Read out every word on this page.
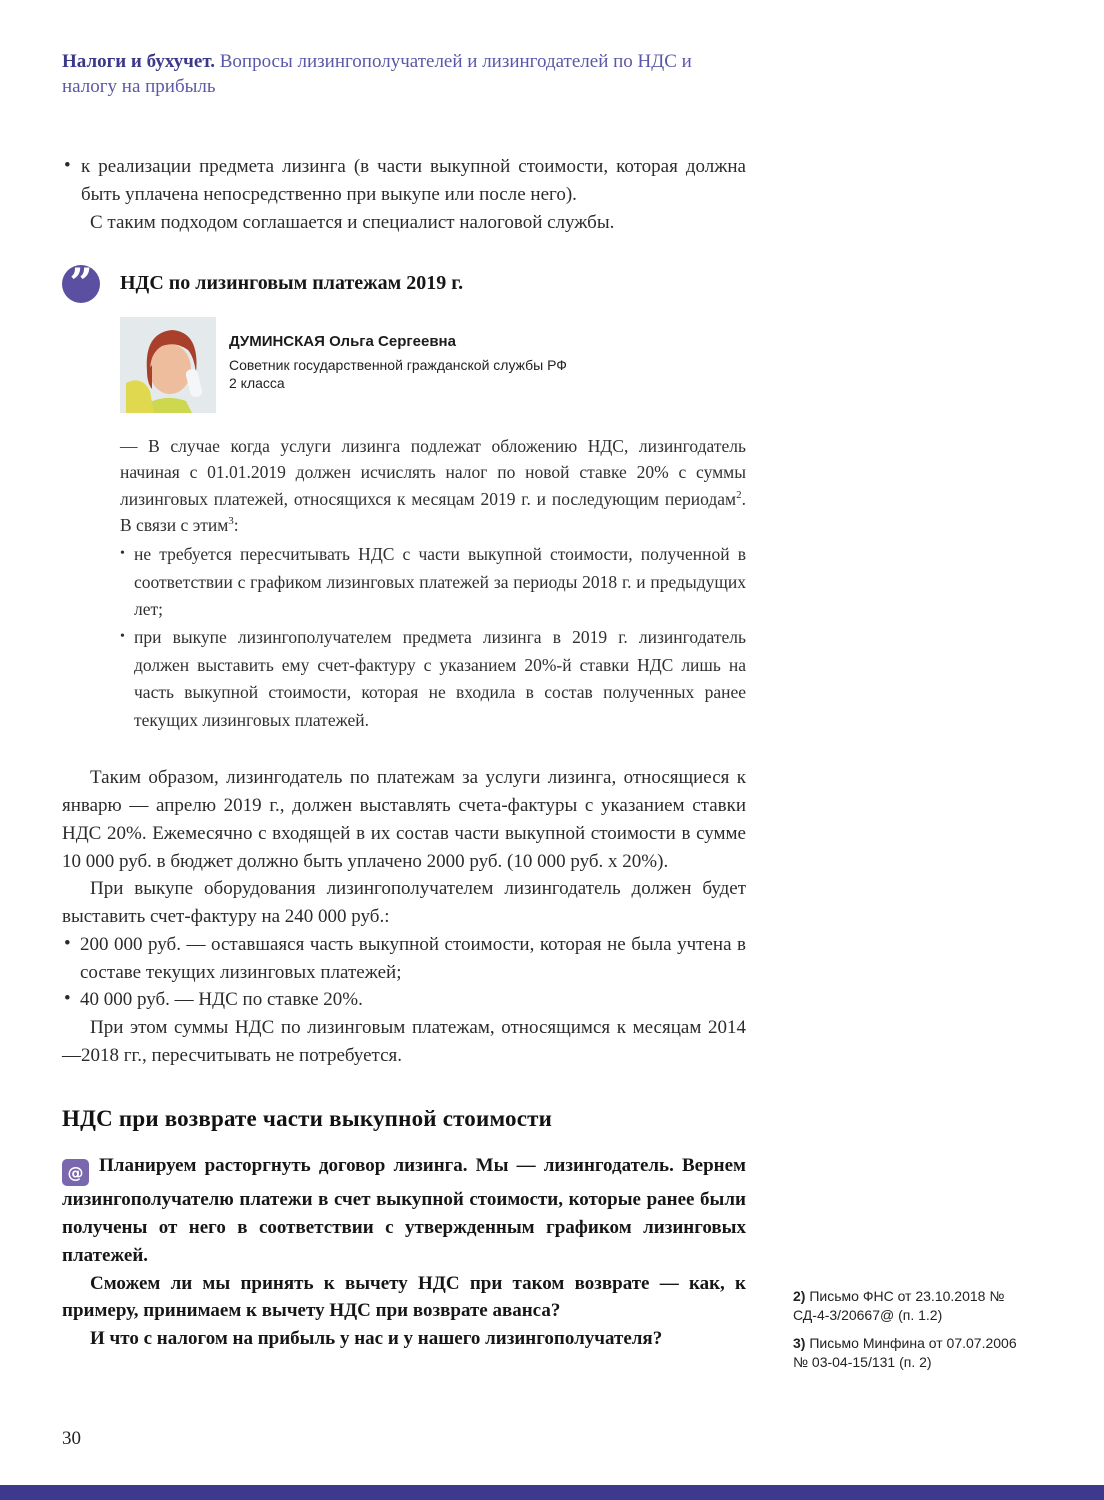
Налоги и бухучет. Вопросы лизингополучателей и лизингодателей по НДС и налогу на прибыль
• к реализации предмета лизинга (в части выкупной стоимости, которая должна быть уплачена непосредственно при выкупе или после него).

С таким подходом соглашается и специалист налоговой службы.

” НДС по лизинговым платежам 2019 г.
ДУМИНСКАЯ Ольга Сергеевна
Советник государственной гражданской службы РФ
2 класса

— В случае когда услуги лизинга подлежат обложению НДС, лизингодатель начиная с 01.01.2019 должен исчислять налог по новой ставке 20% с суммы лизинговых платежей, относящихся к месяцам 2019 г. и последующим периодам$^2$. В связи с этим$^3$:

• не требуется пересчитывать НДС с части выкупной стоимости, полученной в соответствии с графиком лизинговых платежей за периоды 2018 г. и предыдущих лет;
• при выкупе лизингополучателем предмета лизинга в 2019 г. лизингодатель должен выставить ему счет-фактуру с указанием 20%-й ставки НДС лишь на часть выкупной стоимости, которая не входила в состав полученных ранее текущих лизинговых платежей.

Таким образом, лизингодатель по платежам за услуги лизинга, относящиеся к январю — апрелю 2019 г., должен выставлять счета-фактуры с указанием ставки НДС 20%. Ежемесячно с входящей в их состав части выкупной стоимости в сумме 10 000 руб. в бюджет должно быть уплачено 2000 руб. (10 000 руб. x 20%).

При выкупе оборудования лизингополучателем лизингодатель должен будет выставить счет-фактуру на 240 000 руб.:

• 200 000 руб. — оставшаяся часть выкупной стоимости, которая не была учтена в составе текущих лизинговых платежей;
• 40 000 руб. — НДС по ставке 20%.

При этом суммы НДС по лизинговым платежам, относящимся к месяцам 2014—2018 гг., пересчитывать не потребуется.

НДС при возврате части выкупной стоимости

@ Планируем расторгнуть договор лизинга. Мы — лизингодатель. Вернем лизингополучателю платежи в счет выкупной стоимости, которые ранее были получены от него в соответствии с утвержденным графиком лизинговых платежей.

Сможем ли мы принять к вычету НДС при таком возврате — как, к примеру, принимаем к вычету НДС при возврате аванса?

И что с налогом на прибыль у нас и у нашего лизингополучателя?

2) Письмо ФНС от 23.10.2018 № СД-4-3/20667@ (п. 1.2)

3) Письмо Минфина от 07.07.2006 № 03-04-15/131 (п. 2)

30
